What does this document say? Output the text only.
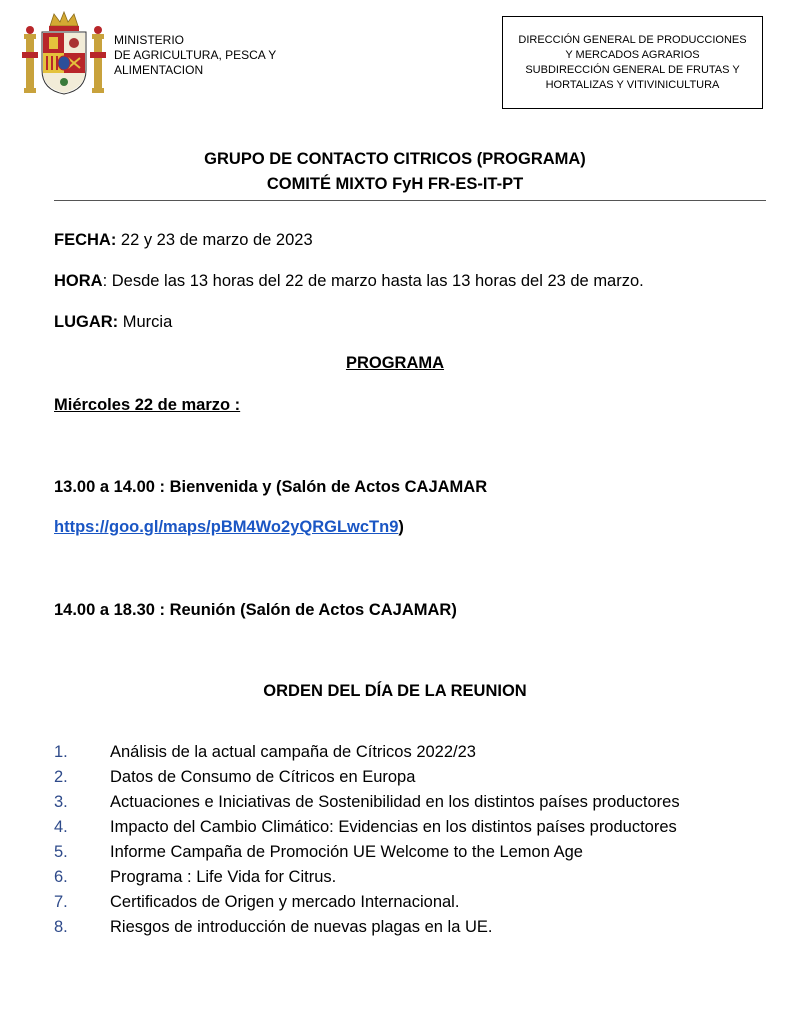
MINISTERIO
DE AGRICULTURA, PESCA Y
ALIMENTACION
DIRECCIÓN GENERAL DE PRODUCCIONES
Y MERCADOS AGRARIOS
SUBDIRECCIÓN GENERAL DE FRUTAS Y
HORTALIZAS Y VITIVINICULTURA
GRUPO DE CONTACTO CITRICOS (PROGRAMA)
COMITÉ MIXTO FyH FR-ES-IT-PT
FECHA: 22 y 23 de marzo de 2023
HORA: Desde las 13 horas del 22 de marzo hasta las 13 horas del 23 de marzo.
LUGAR: Murcia
PROGRAMA
Miércoles 22 de marzo :
13.00 a 14.00 : Bienvenida y (Salón de Actos CAJAMAR
https://goo.gl/maps/pBM4Wo2yQRGLwcTn9)
14.00 a 18.30 : Reunión (Salón de Actos CAJAMAR)
ORDEN DEL DÍA DE LA REUNION
1.	Análisis de la actual campaña de Cítricos 2022/23
2.	Datos de Consumo de Cítricos en Europa
3.	Actuaciones e Iniciativas de Sostenibilidad en los distintos países productores
4.	Impacto del Cambio Climático: Evidencias en los distintos países productores
5.	Informe Campaña de Promoción UE Welcome to the Lemon Age
6.	Programa : Life Vida for Citrus.
7.	Certificados de Origen y mercado Internacional.
8.	Riesgos de introducción de nuevas plagas en la UE.
